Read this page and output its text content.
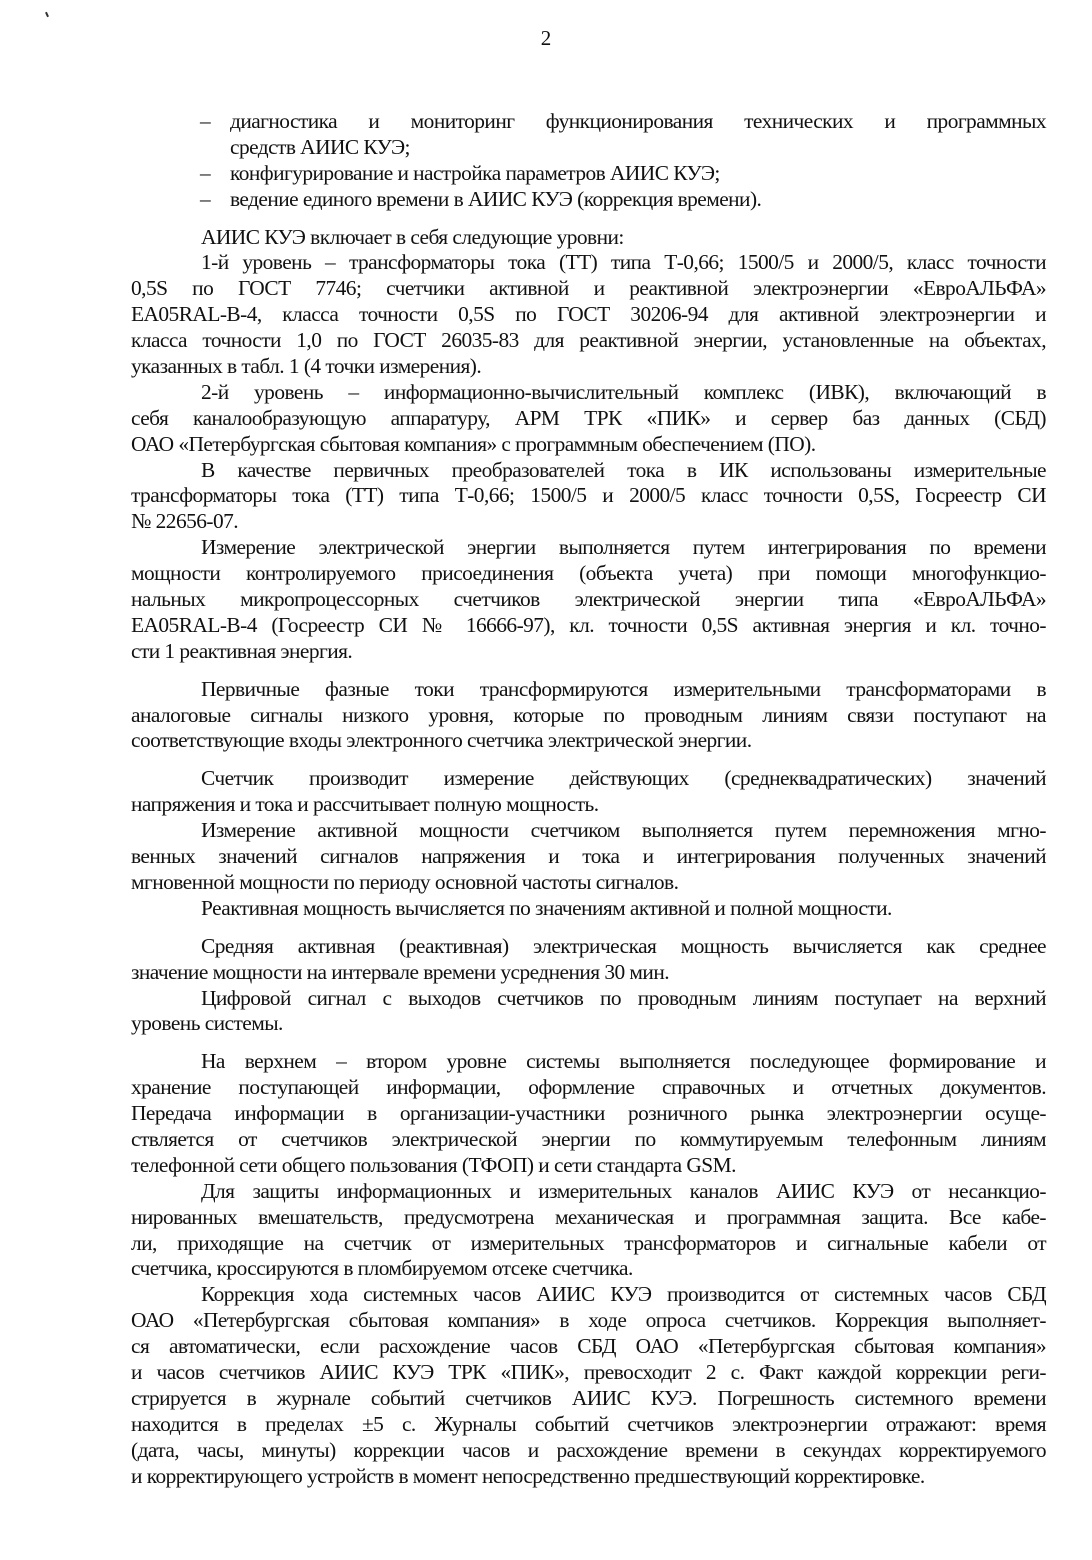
2
– диагностика и мониторинг функционирования технических и программных
средств АИИС КУЭ;
– конфигурирование и настройка параметров АИИС КУЭ;
– ведение единого времени в АИИС КУЭ (коррекция времени).
АИИС КУЭ включает в себя следующие уровни:
1-й уровень – трансформаторы тока (ТТ) типа Т-0,66; 1500/5 и 2000/5, класс точности
0,5S по ГОСТ 7746; счетчики активной и реактивной электроэнергии «ЕвроАЛЬФА»
EA05RAL-B-4, класса точности 0,5S по ГОСТ 30206-94 для активной электроэнергии и
класса точности 1,0 по ГОСТ 26035-83 для реактивной энергии, установленные на объектах,
указанных в табл. 1 (4 точки измерения).
2-й уровень – информационно-вычислительный комплекс (ИВК), включающий в
себя каналообразующую аппаратуру, АРМ ТРК «ПИК» и сервер баз данных (СБД)
ОАО «Петербургская сбытовая компания» с программным обеспечением (ПО).
В качестве первичных преобразователей тока в ИК использованы измерительные
трансформаторы тока (ТТ) типа Т-0,66; 1500/5 и 2000/5 класс точности 0,5S, Госреестр СИ
№ 22656-07.
Измерение электрической энергии выполняется путем интегрирования по времени
мощности контролируемого присоединения (объекта учета) при помощи многофункцио-
нальных микропроцессорных счетчиков электрической энергии типа «ЕвроАЛЬФА»
EA05RAL-B-4 (Госреестр СИ № 16666-97), кл. точности 0,5S активная энергия и кл. точно-
сти 1 реактивная энергия.
Первичные фазные токи трансформируются измерительными трансформаторами в
аналоговые сигналы низкого уровня, которые по проводным линиям связи поступают на
соответствующие входы электронного счетчика электрической энергии.
Счетчик производит измерение действующих (среднеквадратических) значений
напряжения и тока и рассчитывает полную мощность.
Измерение активной мощности счетчиком выполняется путем перемножения мгно-
венных значений сигналов напряжения и тока и интегрирования полученных значений
мгновенной мощности по периоду основной частоты сигналов.
Реактивная мощность вычисляется по значениям активной и полной мощности.
Средняя активная (реактивная) электрическая мощность вычисляется как среднее
значение мощности на интервале времени усреднения 30 мин.
Цифровой сигнал с выходов счетчиков по проводным линиям поступает на верхний
уровень системы.
На верхнем – втором уровне системы выполняется последующее формирование и
хранение поступающей информации, оформление справочных и отчетных документов.
Передача информации в организации-участники розничного рынка электроэнергии осуще-
ствляется от счетчиков электрической энергии по коммутируемым телефонным линиям
телефонной сети общего пользования (ТФОП) и сети стандарта GSM.
Для защиты информационных и измерительных каналов АИИС КУЭ от несанкцио-
нированных вмешательств, предусмотрена механическая и программная защита. Все кабе-
ли, приходящие на счетчик от измерительных трансформаторов и сигнальные кабели от
счетчика, кроссируются в пломбируемом отсеке счетчика.
Коррекция хода системных часов АИИС КУЭ производится от системных часов СБД
ОАО «Петербургская сбытовая компания» в ходе опроса счетчиков. Коррекция выполняет-
ся автоматически, если расхождение часов СБД ОАО «Петербургская сбытовая компания»
и часов счетчиков АИИС КУЭ ТРК «ПИК», превосходит 2 с. Факт каждой коррекции реги-
стрируется в журнале событий счетчиков АИИС КУЭ. Погрешность системного времени
находится в пределах ±5 с. Журналы событий счетчиков электроэнергии отражают: время
(дата, часы, минуты) коррекции часов и расхождение времени в секундах корректируемого
и корректирующего устройств в момент непосредственно предшествующий корректировке.
